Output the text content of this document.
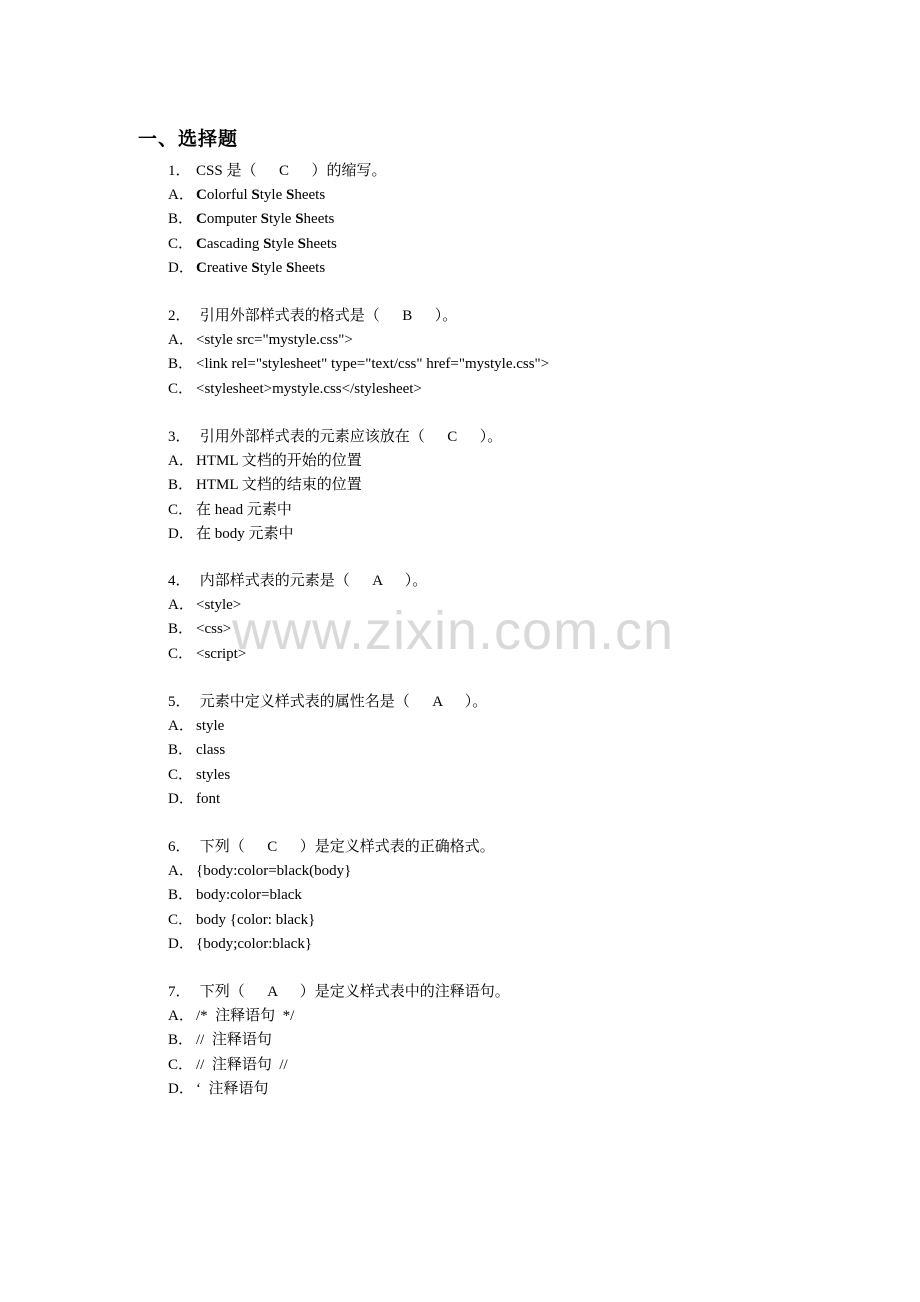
一、选择题
1． CSS 是（ C ）的缩写。
A． Colorful Style Sheets
B． Computer Style Sheets
C． Cascading Style Sheets
D． Creative Style Sheets
2． 引用外部样式表的格式是（ B ）。
A． <style src="mystyle.css">
B． <link rel="stylesheet" type="text/css" href="mystyle.css">
C． <stylesheet>mystyle.css</stylesheet>
3． 引用外部样式表的元素应该放在（ C ）。
A． HTML 文档的开始的位置
B． HTML 文档的结束的位置
C． 在 head 元素中
D． 在 body 元素中
4． 内部样式表的元素是（ A ）。
A． <style>
B． <css>
C． <script>
5． 元素中定义样式表的属性名是（ A ）。
A． style
B． class
C． styles
D． font
6． 下列（ C ）是定义样式表的正确格式。
A． {body:color=black(body}
B． body:color=black
C． body {color: black}
D． {body;color:black}
7． 下列（ A ）是定义样式表中的注释语句。
A． /*  注释语句  */
B． //  注释语句
C． //  注释语句  //
D． ‘  注释语句
www.zixin.com.cn
